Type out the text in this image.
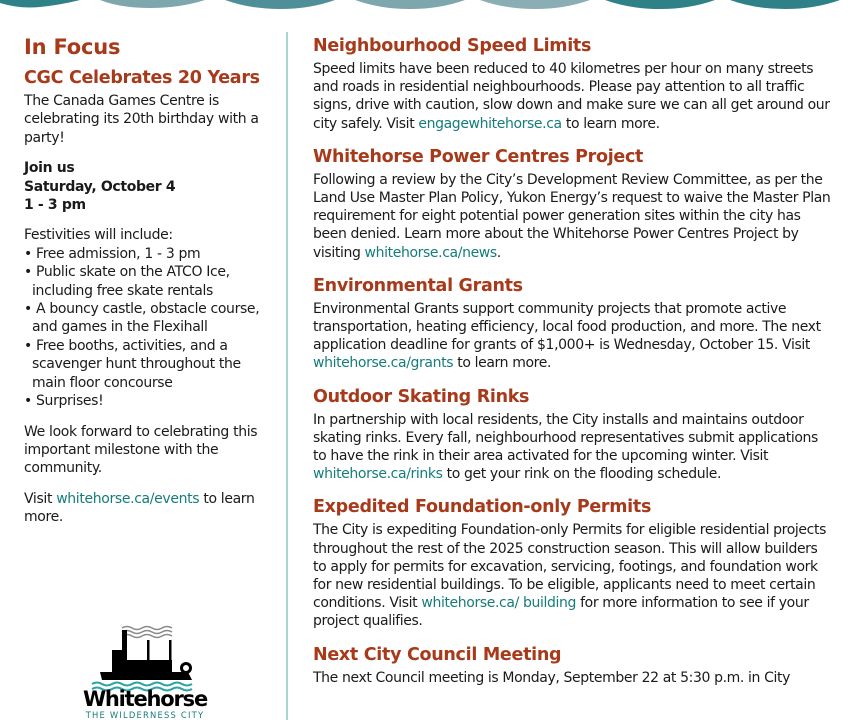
In Focus
CGC Celebrates 20 Years

The Canada Games Centre is celebrating its 20th birthday with a party!

Join us

Saturday, October 4

1 - 3 pm

Festivities will include:

• Free admission, 1 - 3 pm

• Public skate on the ATCO Ice, including free skate rentals

• A bouncy castle, obstacle course, and games in the Flexihall

• Free booths, activities, and a scavenger hunt throughout the main floor concourse

• Surprises!

We look forward to celebrating this important milestone with the community.

Visit whitehorse.ca/events to learn more.

Neighbourhood Speed Limits

Speed limits have been reduced to 40 kilometres per hour on many streets and roads in residential neighbourhoods. Please pay attention to all traffic signs, drive with caution, slow down and make sure we can all get around our city safely. Visit engagewhitehorse.ca to learn more.

Whitehorse Power Centres Project

Following a review by the City’s Development Review Committee, as per the Land Use Master Plan Policy, Yukon Energy’s request to waive the Master Plan requirement for eight potential power generation sites within the city has been denied. Learn more about the Whitehorse Power Centres Project by visiting whitehorse.ca/news.

Environmental Grants

Environmental Grants support community projects that promote active transportation, heating efficiency, local food production, and more. The next application deadline for grants of $1,000+ is Wednesday, October 15. Visit whitehorse.ca/grants to learn more.

Outdoor Skating Rinks

In partnership with local residents, the City installs and maintains outdoor skating rinks. Every fall, neighbourhood representatives submit applications to have the rink in their area activated for the upcoming winter. Visit whitehorse.ca/rinks to get your rink on the flooding schedule.

Expedited Foundation-only Permits

The City is expediting Foundation-only Permits for eligible residential projects throughout the rest of the 2025 construction season. This will allow builders to apply for permits for excavation, servicing, footings, and foundation work for new residential buildings. To be eligible, applicants need to meet certain conditions. Visit whitehorse.ca/ building for more information to see if your project qualifies.

Next City Council Meeting

The next Council meeting is Monday, September 22 at 5:30 p.m. in City

Whitehorse
THE WILDERNESS CITY
